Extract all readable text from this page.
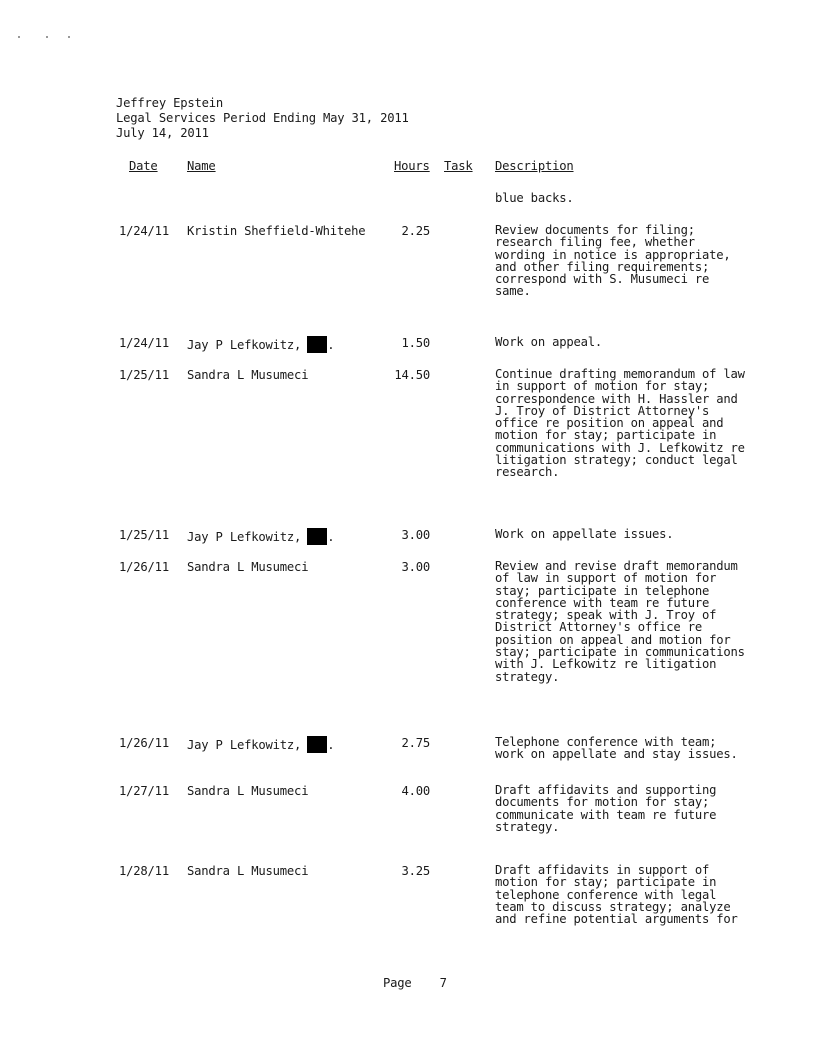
Jeffrey Epstein
Legal Services Period Ending May 31, 2011
July 14, 2011
Date Name	Hours Task Description
blue backs.
1/24/11 Kristin Sheffield-Whitehe	2.25	Review documents for filing;
research filing fee, whether
wording in notice is appropriate,
and other filing requirements;
correspond with S. Musumeci re
same.
1/24/11 Jay P Lefkowitz, .	1.50	Work on appeal.
1/25/11 Sandra L Musumeci	14.50	Continue drafting memorandum of law
in support of motion for stay;
correspondence with H. Hassler and
J. Troy of District Attorney's
office re position on appeal and
motion for stay; participate in
communications with J. Lefkowitz re
litigation strategy; conduct legal
research.
1/25/11 Jay P Lefkowitz, .	3.00	Work on appellate issues.
1/26/11 Sandra L Musumeci	3.00	Review and revise draft memorandum
of law in support of motion for
stay; participate in telephone
conference with team re future
strategy; speak with J. Troy of
District Attorney's office re
position on appeal and motion for
stay; participate in communications
with J. Lefkowitz re litigation
strategy.
1/26/11 Jay P Lefkowitz, .	2.75	Telephone conference with team;
work on appellate and stay issues.
1/27/11 Sandra L Musumeci	4.00	Draft affidavits and supporting
documents for motion for stay;
communicate with team re future
strategy.
1/28/11 Sandra L Musumeci	3.25	Draft affidavits in support of
motion for stay; participate in
telephone conference with legal
team to discuss strategy; analyze
and refine potential arguments for
Page 7
